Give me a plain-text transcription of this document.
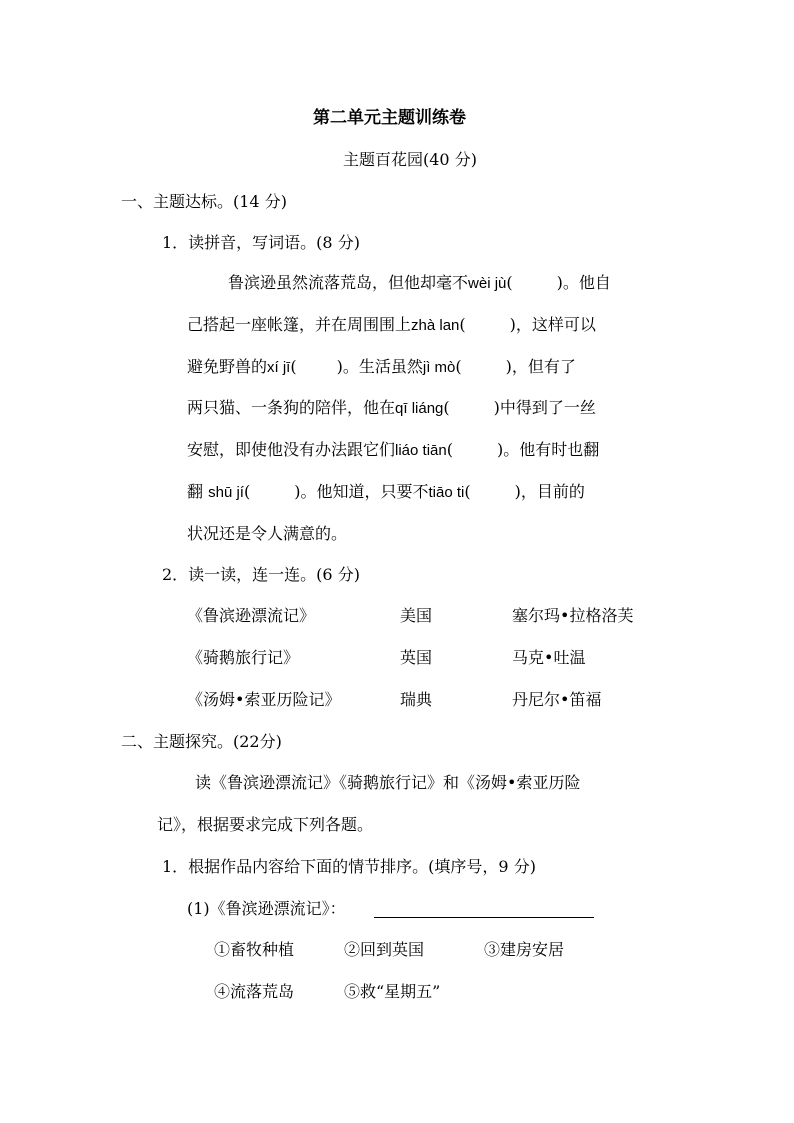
第二单元主题训练卷
主题百花园(40 分)
一、主题达标。(14 分)
1．读拼音，写词语。(8 分)
鲁滨逊虽然流落荒岛，但他却毫不wèi jù(	)。他自
己搭起一座帐篷，并在周围围上zhà lan(	)，这样可以
避免野兽的xí jī(	)。生活虽然jì mò(	)，但有了
两只猫、一条狗的陪伴，他在qī liáng(	)中得到了一丝
安慰，即使他没有办法跟它们liáo tiān(	)。他有时也翻
翻 shū jí(	)。他知道，只要不tiāo ti(	)，目前的
状况还是令人满意的。
2．读一读，连一连。(6 分)
《鲁滨逊漂流记》	美国	塞尔玛•拉格洛芙
《骑鹅旅行记》	英国	马克•吐温
《汤姆•索亚历险记》	瑞典	丹尼尔•笛福
二、主题探究。(22分)
读《鲁滨逊漂流记》《骑鹅旅行记》和《汤姆•索亚历险
记》，根据要求完成下列各题。
1．根据作品内容给下面的情节排序。(填序号，9 分)
(1)《鲁滨逊漂流记》：
①畜牧种植	②回到英国	③建房安居
④流落荒岛	⑤救“星期五”
